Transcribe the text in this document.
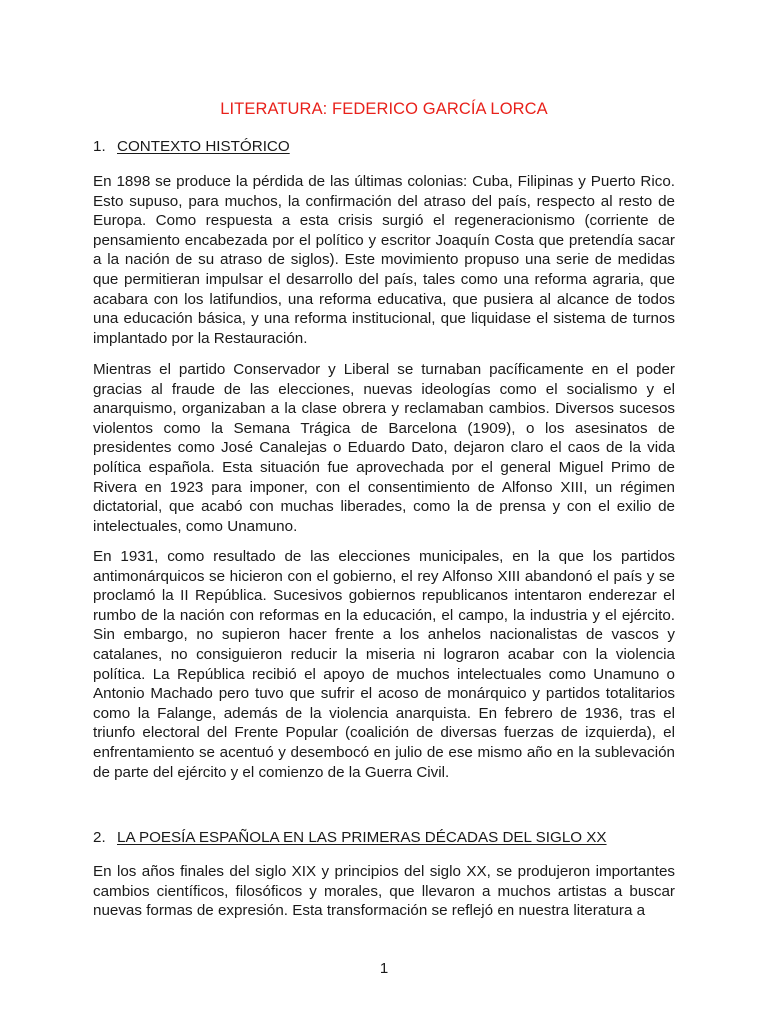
LITERATURA: FEDERICO GARCÍA LORCA
1. CONTEXTO HISTÓRICO

En 1898 se produce la pérdida de las últimas colonias: Cuba, Filipinas y Puerto Rico. Esto supuso, para muchos, la confirmación del atraso del país, respecto al resto de Europa. Como respuesta a esta crisis surgió el regeneracionismo (corriente de pensamiento encabezada por el político y escritor Joaquín Costa que pretendía sacar a la nación de su atraso de siglos). Este movimiento propuso una serie de medidas que permitieran impulsar el desarrollo del país, tales como una reforma agraria, que acabara con los latifundios, una reforma educativa, que pusiera al alcance de todos una educación básica, y una reforma institucional, que liquidase el sistema de turnos implantado por la Restauración.

Mientras el partido Conservador y Liberal se turnaban pacíficamente en el poder gracias al fraude de las elecciones, nuevas ideologías como el socialismo y el anarquismo, organizaban a la clase obrera y reclamaban cambios. Diversos sucesos violentos como la Semana Trágica de Barcelona (1909), o los asesinatos de presidentes como José Canalejas o Eduardo Dato, dejaron claro el caos de la vida política española. Esta situación fue aprovechada por el general Miguel Primo de Rivera en 1923 para imponer, con el consentimiento de Alfonso XIII, un régimen dictatorial, que acabó con muchas liberades, como la de prensa y con el exilio de intelectuales, como Unamuno.

En 1931, como resultado de las elecciones municipales, en la que los partidos antimonárquicos se hicieron con el gobierno, el rey Alfonso XIII abandonó el país y se proclamó la II República. Sucesivos gobiernos republicanos intentaron enderezar el rumbo de la nación con reformas en la educación, el campo, la industria y el ejército. Sin embargo, no supieron hacer frente a los anhelos nacionalistas de vascos y catalanes, no consiguieron reducir la miseria ni lograron acabar con la violencia política. La República recibió el apoyo de muchos intelectuales como Unamuno o Antonio Machado pero tuvo que sufrir el acoso de monárquico y partidos totalitarios como la Falange, además de la violencia anarquista. En febrero de 1936, tras el triunfo electoral del Frente Popular (coalición de diversas fuerzas de izquierda), el enfrentamiento se acentuó y desembocó en julio de ese mismo año en la sublevación de parte del ejército y el comienzo de la Guerra Civil.

2. LA POESÍA ESPAÑOLA EN LAS PRIMERAS DÉCADAS DEL SIGLO XX

En los años finales del siglo XIX y principios del siglo XX, se produjeron importantes cambios científicos, filosóficos y morales, que llevaron a muchos artistas a buscar nuevas formas de expresión. Esta transformación se reflejó en nuestra literatura a

1
